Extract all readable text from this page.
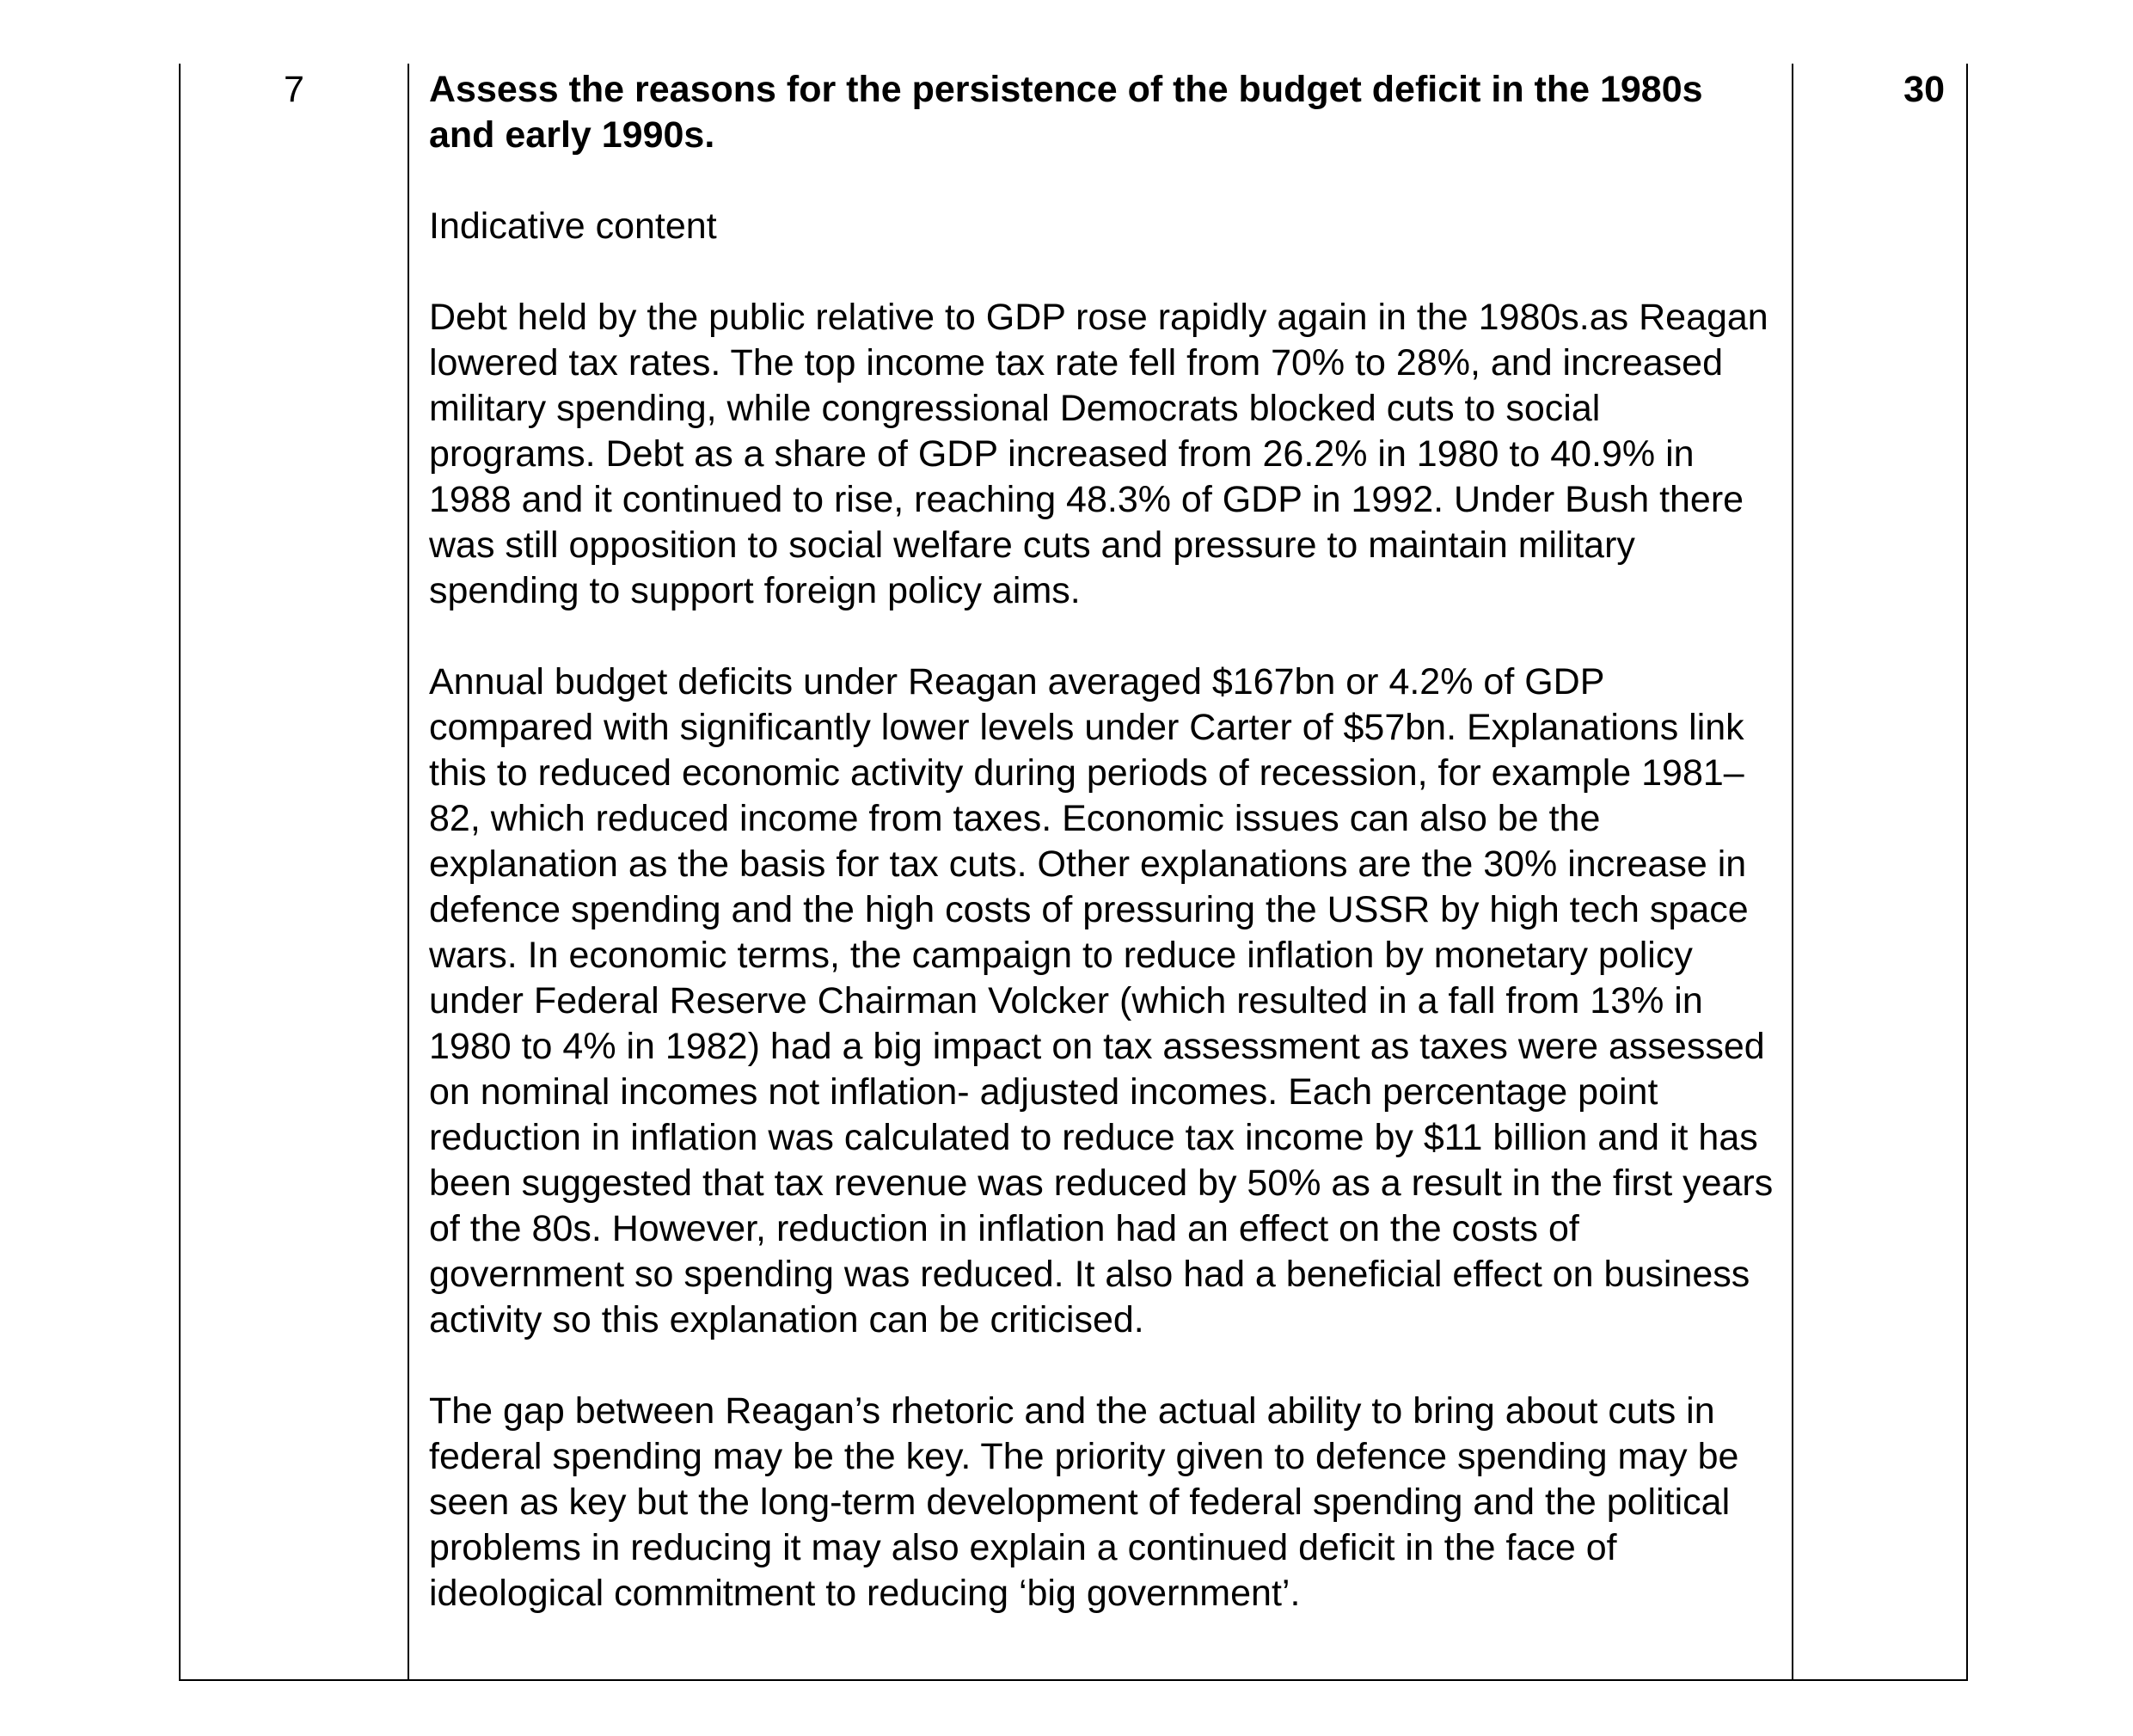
7	Assess the reasons for the persistence of the budget deficit in the 1980s and early 1990s.

Indicative content

Debt held by the public relative to GDP rose rapidly again in the 1980s.as Reagan lowered tax rates. The top income tax rate fell from 70% to 28%, and increased military spending, while congressional Democrats blocked cuts to social programs. Debt as a share of GDP increased from 26.2% in 1980 to 40.9% in 1988 and it continued to rise, reaching 48.3% of GDP in 1992. Under Bush there was still opposition to social welfare cuts and pressure to maintain military spending to support foreign policy aims.

Annual budget deficits under Reagan averaged $167bn or 4.2% of GDP compared with significantly lower levels under Carter of $57bn. Explanations link this to reduced economic activity during periods of recession, for example 1981–82, which reduced income from taxes. Economic issues can also be the explanation as the basis for tax cuts. Other explanations are the 30% increase in defence spending and the high costs of pressuring the USSR by high tech space wars. In economic terms, the campaign to reduce inflation by monetary policy under Federal Reserve Chairman Volcker (which resulted in a fall from 13% in 1980 to 4% in 1982) had a big impact on tax assessment as taxes were assessed on nominal incomes not inflation- adjusted incomes. Each percentage point reduction in inflation was calculated to reduce tax income by $11 billion and it has been suggested that tax revenue was reduced by 50% as a result in the first years of the 80s. However, reduction in inflation had an effect on the costs of government so spending was reduced. It also had a beneficial effect on business activity so this explanation can be criticised.

The gap between Reagan’s rhetoric and the actual ability to bring about cuts in federal spending may be the key. The priority given to defence spending may be seen as key but the long-term development of federal spending and the political problems in reducing it may also explain a continued deficit in the face of ideological commitment to reducing ‘big government’.

	30
